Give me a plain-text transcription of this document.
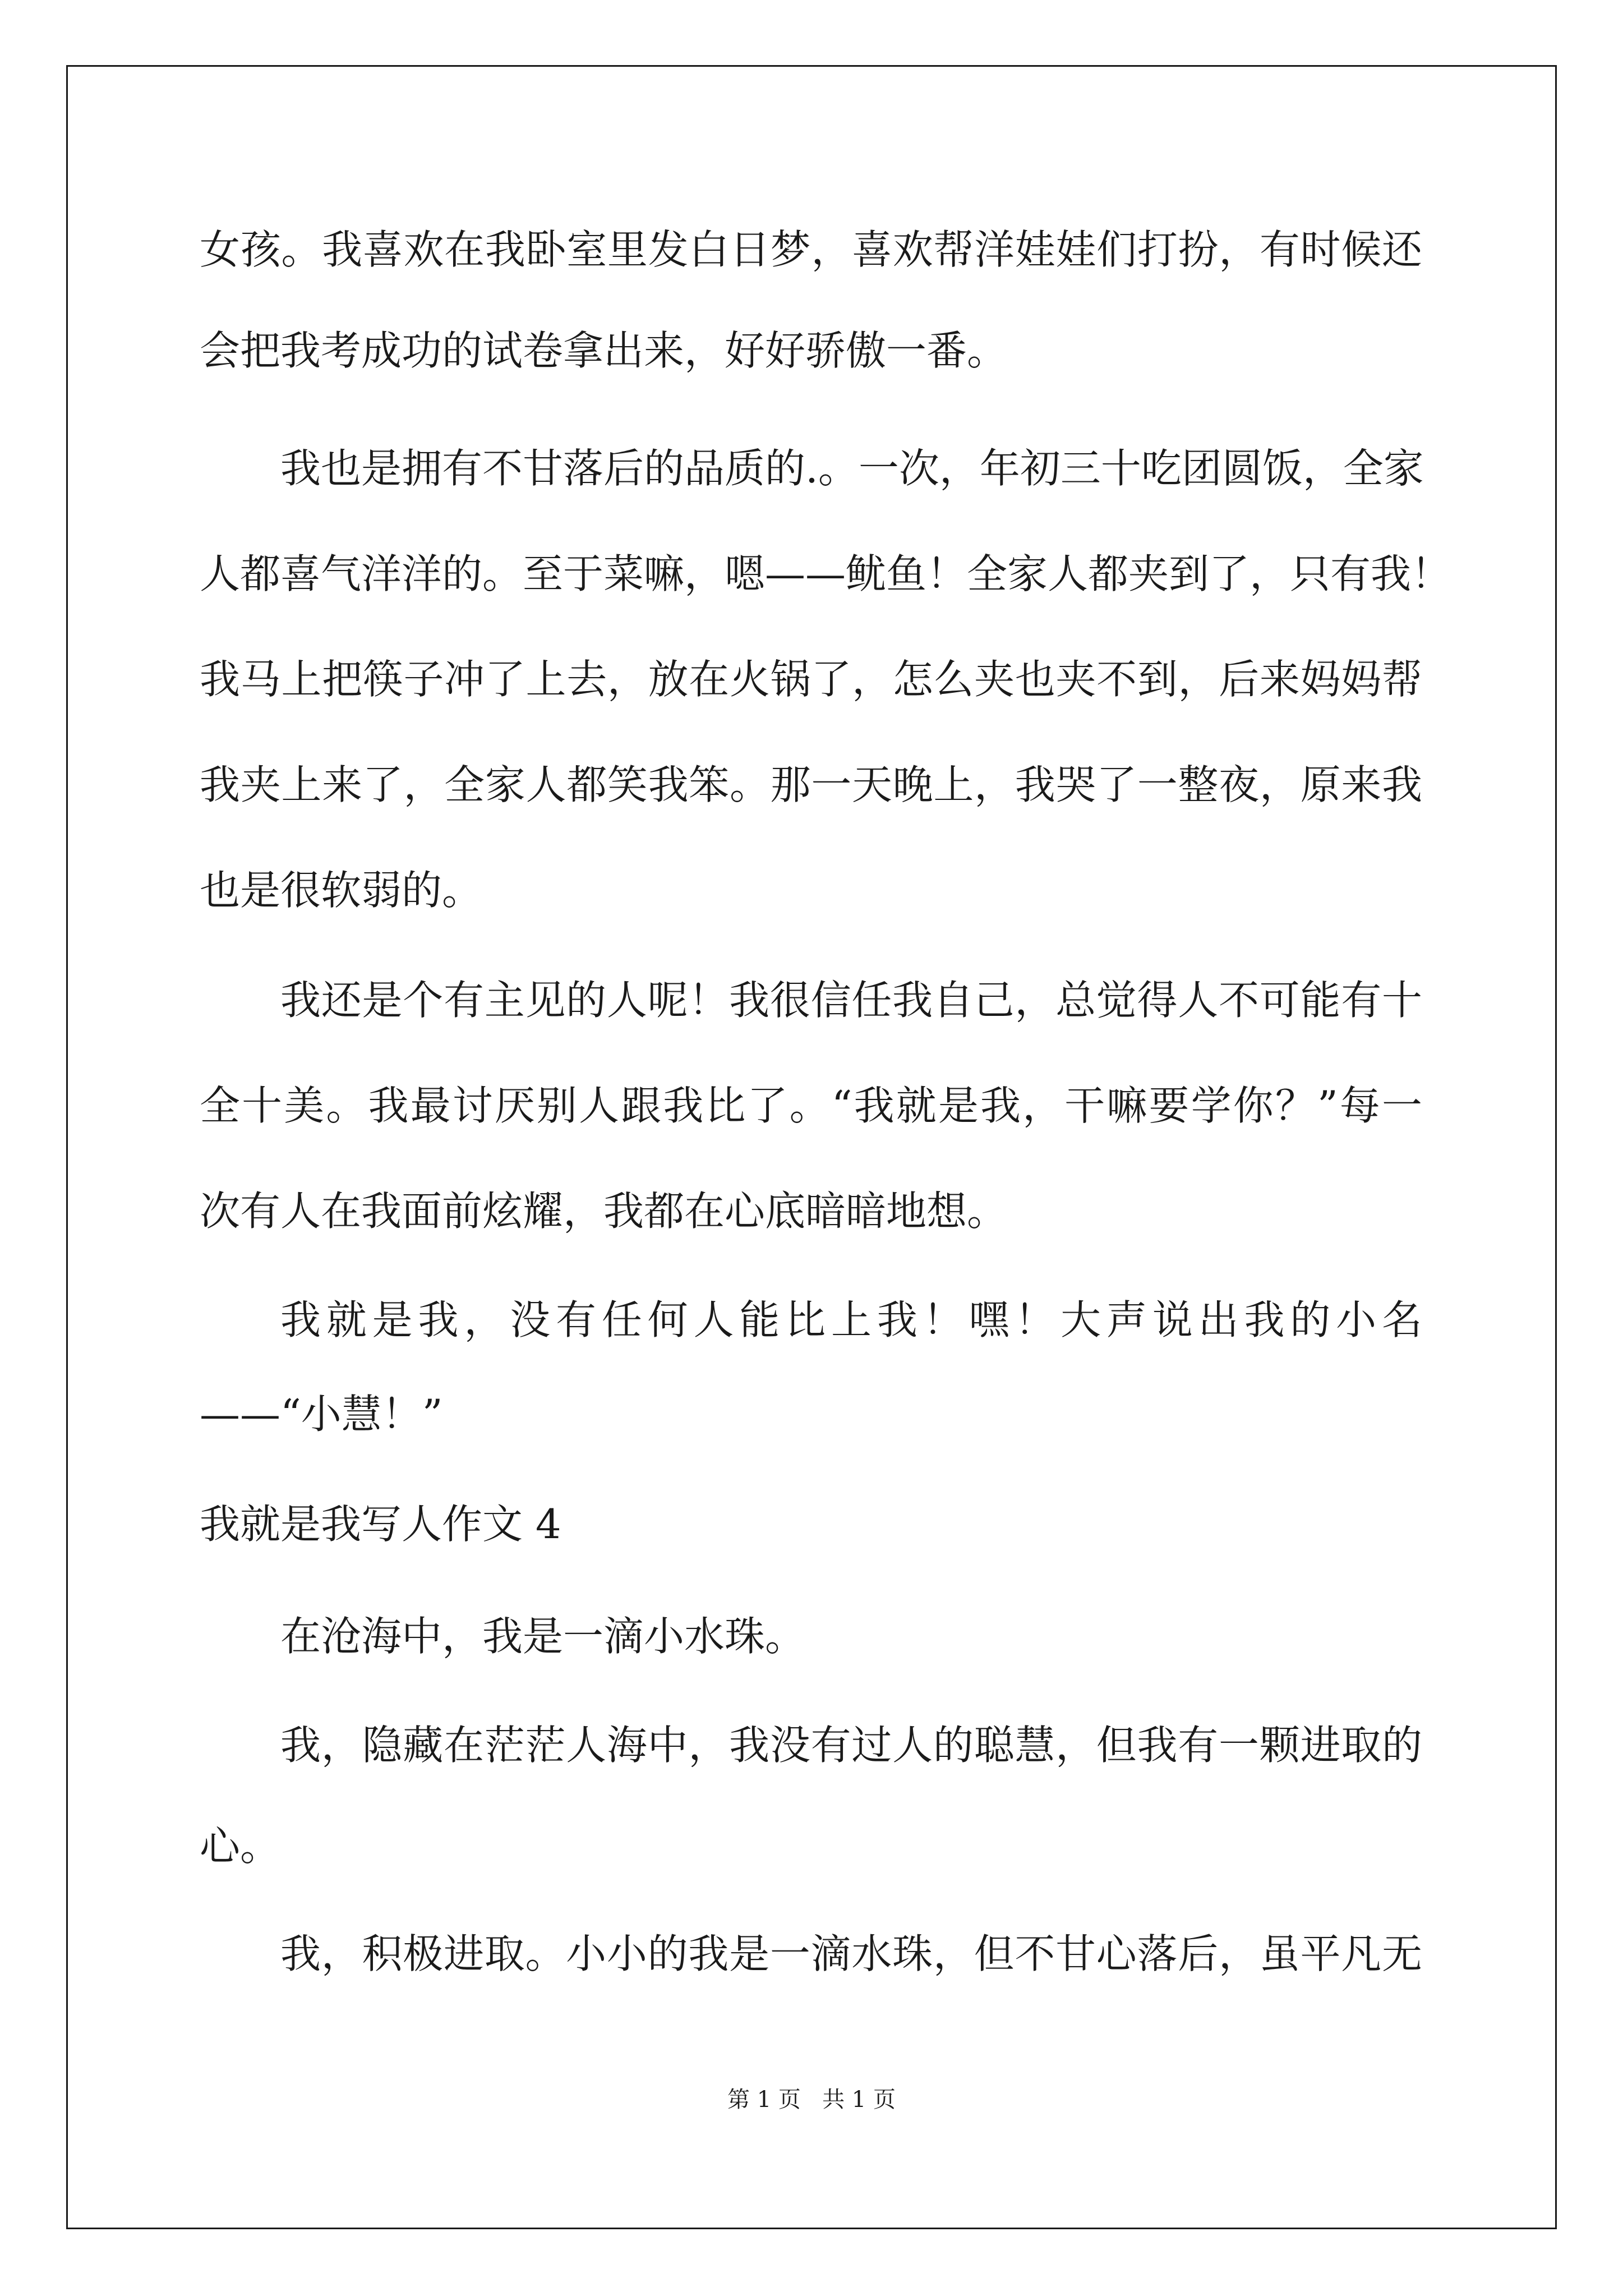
女孩。我喜欢在我卧室里发白日梦，喜欢帮洋娃娃们打扮，有时候还
会把我考成功的试卷拿出来，好好骄傲一番。
我也是拥有不甘落后的品质的.。一次，年初三十吃团圆饭，全家
人都喜气洋洋的。至于菜嘛，嗯——鱿鱼！全家人都夹到了，只有我！
我马上把筷子冲了上去，放在火锅了，怎么夹也夹不到，后来妈妈帮
我夹上来了，全家人都笑我笨。那一天晚上，我哭了一整夜，原来我
也是很软弱的。
我还是个有主见的人呢！我很信任我自己，总觉得人不可能有十
全十美。我最讨厌别人跟我比了。“我就是我，干嘛要学你？”每一
次有人在我面前炫耀，我都在心底暗暗地想。
我就是我，没有任何人能比上我！嘿！大声说出我的小名
——“小慧！”
我就是我写人作文 4
在沧海中，我是一滴小水珠。
我，隐藏在茫茫人海中，我没有过人的聪慧，但我有一颗进取的
心。
我，积极进取。小小的我是一滴水珠，但不甘心落后，虽平凡无
第 1 页   共 1 页
